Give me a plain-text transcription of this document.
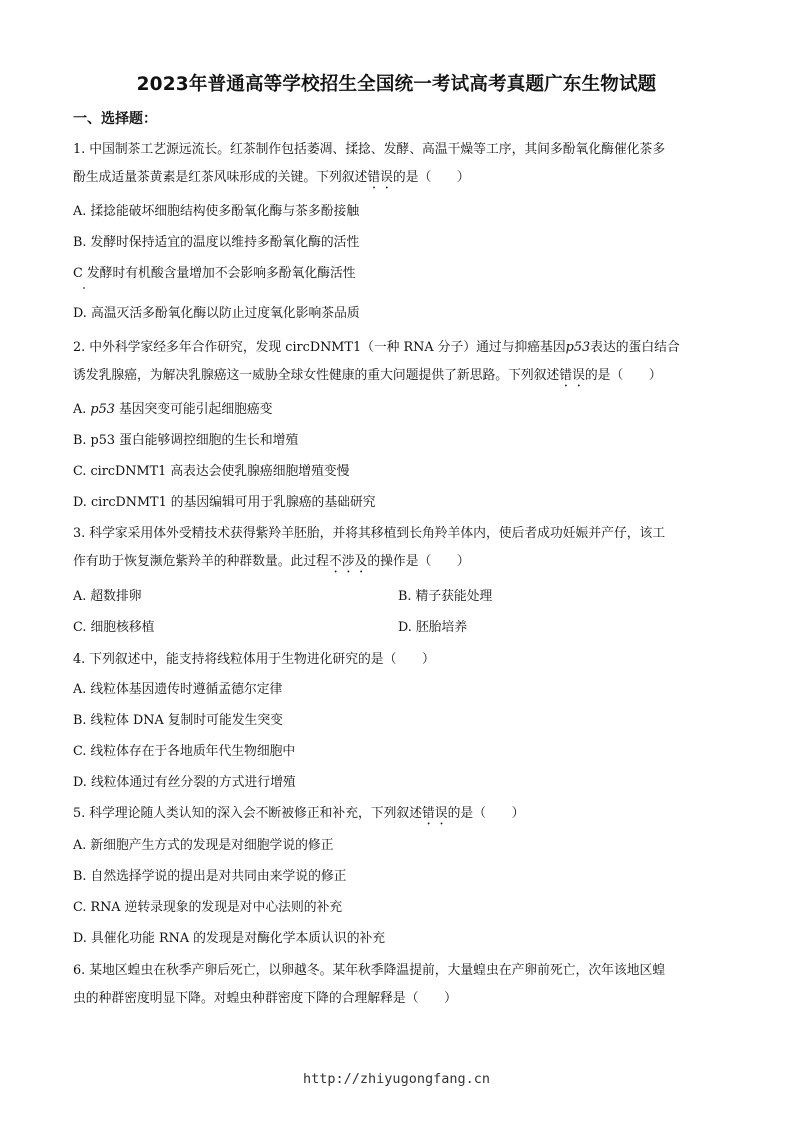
2023年普通高等学校招生全国统一考试高考真题广东生物试题
一、选择题：
1. 中国制茶工艺源远流长。红茶制作包括萎凋、揉捻、发酵、高温干燥等工序，其间多酚氧化酶催化茶多
酚生成适量茶黄素是红茶风味形成的关键。下列叙述错误的是（　　）
A. 揉捻能破坏细胞结构使多酚氧化酶与茶多酚接触
B. 发酵时保持适宜的温度以维持多酚氧化酶的活性
C 发酵时有机酸含量增加不会影响多酚氧化酶活性
D. 高温灭活多酚氧化酶以防止过度氧化影响茶品质
2. 中外科学家经多年合作研究，发现 circDNMT1（一种 RNA 分子）通过与抑癌基因p53表达的蛋白结合
诱发乳腺癌，为解决乳腺癌这一威胁全球女性健康的重大问题提供了新思路。下列叙述错误的是（　　）
A. p53 基因突变可能引起细胞癌变
B. p53 蛋白能够调控细胞的生长和增殖
C. circDNMT1 高表达会使乳腺癌细胞增殖变慢
D. circDNMT1 的基因编辑可用于乳腺癌的基础研究
3. 科学家采用体外受精技术获得紫羚羊胚胎，并将其移植到长角羚羊体内，使后者成功妊娠并产仔，该工
作有助于恢复濒危紫羚羊的种群数量。此过程不涉及的操作是（　　）
A. 超数排卵	B. 精子获能处理
C. 细胞核移植	D. 胚胎培养
4. 下列叙述中，能支持将线粒体用于生物进化研究的是（　　）
A. 线粒体基因遗传时遵循孟德尔定律
B. 线粒体 DNA 复制时可能发生突变
C. 线粒体存在于各地质年代生物细胞中
D. 线粒体通过有丝分裂的方式进行增殖
5. 科学理论随人类认知的深入会不断被修正和补充，下列叙述错误的是（　　）
A. 新细胞产生方式的发现是对细胞学说的修正
B. 自然选择学说的提出是对共同由来学说的修正
C. RNA 逆转录现象的发现是对中心法则的补充
D. 具催化功能 RNA 的发现是对酶化学本质认识的补充
6. 某地区蝗虫在秋季产卵后死亡，以卵越冬。某年秋季降温提前，大量蝗虫在产卵前死亡，次年该地区蝗
虫的种群密度明显下降。对蝗虫种群密度下降的合理解释是（　　）
http://zhiyugongfang.cn
